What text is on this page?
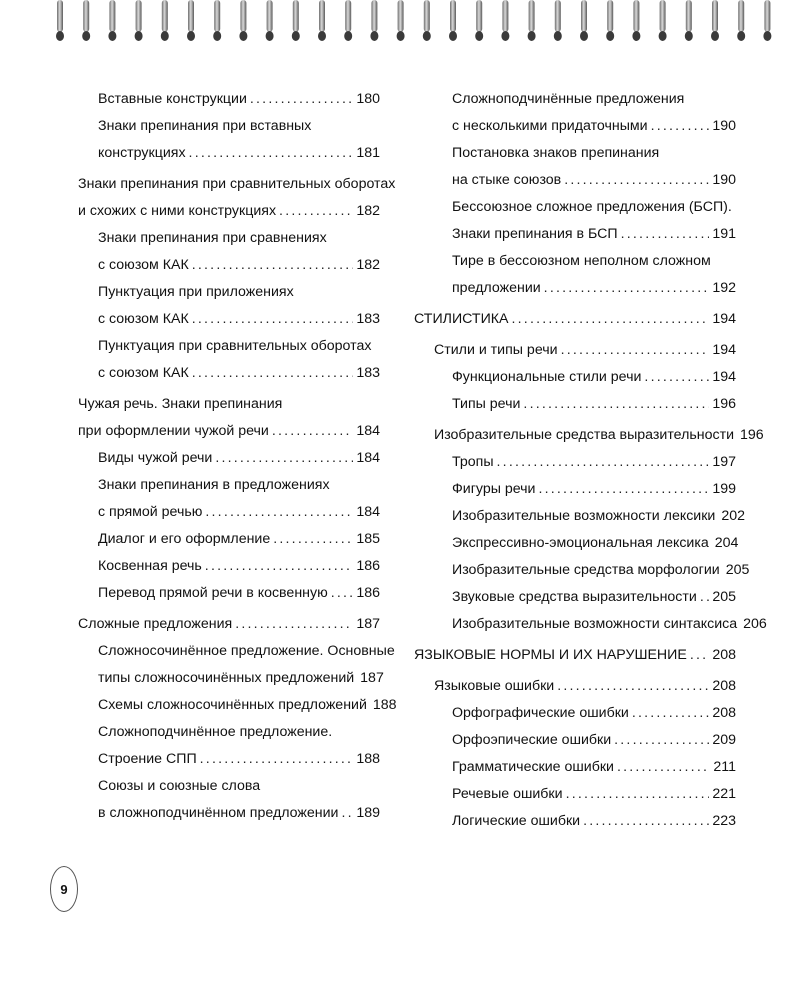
Вставные конструкции .....	180
Знаки препинания при вставных
конструкциях .....	181
Знаки препинания при сравнительных оборотах
и схожих с ними конструкциях .....	182
Знаки препинания при сравнениях
с союзом КАК .....	182
Пунктуация при приложениях
с союзом КАК .....	183
Пунктуация при сравнительных оборотах
с союзом КАК .....	183
Чужая речь. Знаки препинания
при оформлении чужой речи .....	184
Виды чужой речи .....	184
Знаки препинания в предложениях
с прямой речью .....	184
Диалог и его оформление .....	185
Косвенная речь .....	186
Перевод прямой речи в косвенную ..... 186
Сложные предложения .....	187
Сложносочинённое предложение. Основные
типы сложносочинённых предложений 187
Схемы сложносочинённых предложений 188
Сложноподчинённое предложение.
Строение СПП .....	188
Союзы и союзные слова
в сложноподчинённом предложении ..... 189
Сложноподчинённые предложения
с несколькими придаточными .....	190
Постановка знаков препинания
на стыке союзов .....	190
Бессоюзное сложное предложения (БСП).
Знаки препинания в БСП .....	191
Тире в бессоюзном неполном сложном
предложении .....	192
СТИЛИСТИКА .....	194
Стили и типы речи .....	194
Функциональные стили речи .....	194
Типы речи .....	196
Изобразительные средства выразительности 196
Тропы .....	197
Фигуры речи .....	199
Изобразительные возможности лексики 202
Экспрессивно-эмоциональная лексика 204
Изобразительные средства морфологии 205
Звуковые средства выразительности ..... 205
Изобразительные возможности синтаксиса 206
ЯЗЫКОВЫЕ НОРМЫ И ИХ НАРУШЕНИЕ ..... 208
Языковые ошибки .....	208
Орфографические ошибки .....	208
Орфоэпические ошибки .....	209
Грамматические ошибки .....	211
Речевые ошибки .....	221
Логические ошибки .....	223
9
